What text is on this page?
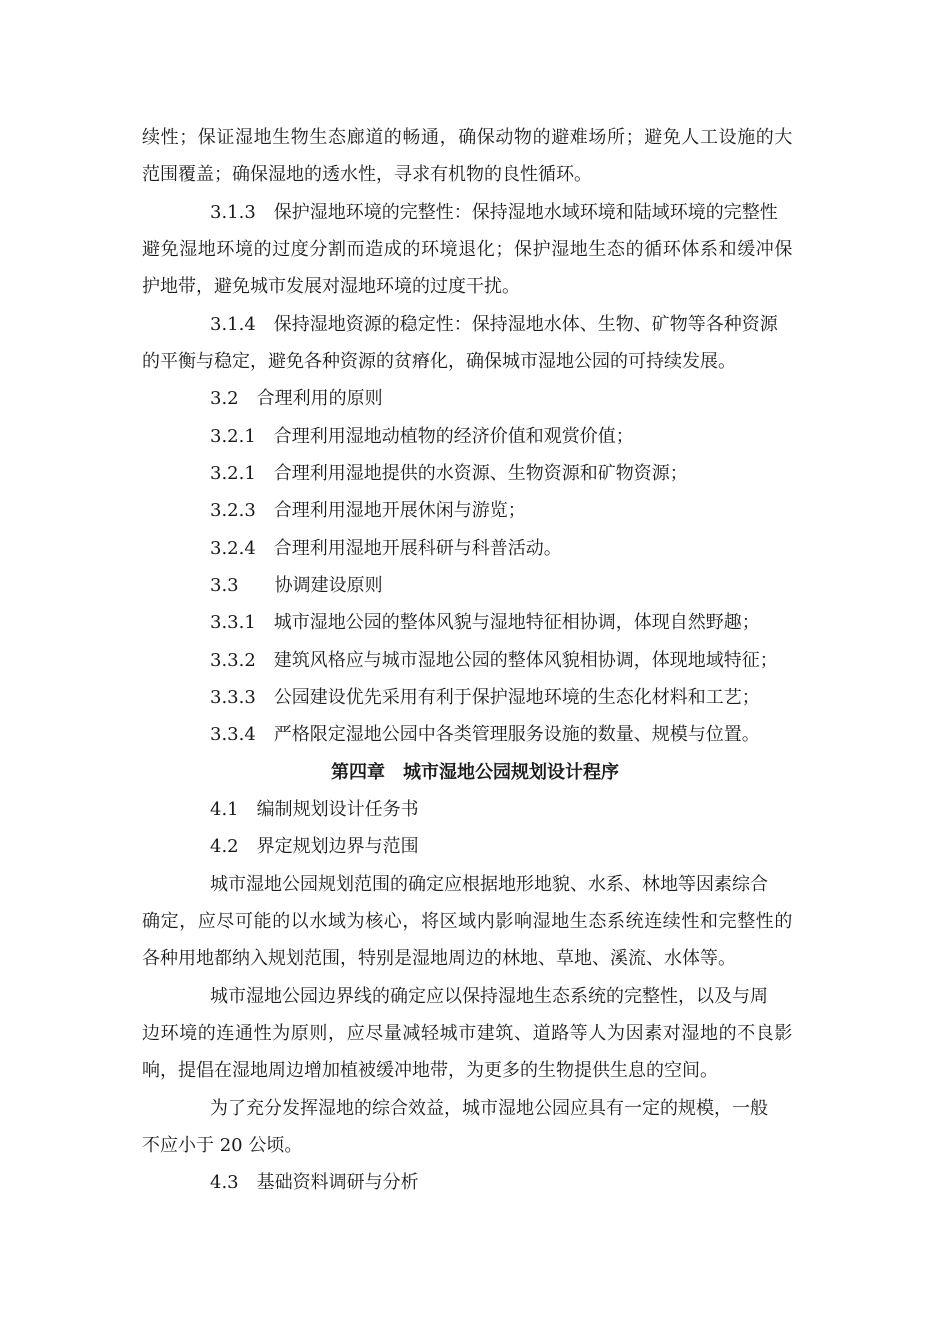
续性；保证湿地生物生态廊道的畅通，确保动物的避难场所；避免人工设施的大
范围覆盖；确保湿地的透水性，寻求有机物的良性循环。
3.1.3　保护湿地环境的完整性：保持湿地水域环境和陆域环境的完整性
避免湿地环境的过度分割而造成的环境退化；保护湿地生态的循环体系和缓冲保
护地带，避免城市发展对湿地环境的过度干扰。
3.1.4　保持湿地资源的稳定性：保持湿地水体、生物、矿物等各种资源
的平衡与稳定，避免各种资源的贫瘠化，确保城市湿地公园的可持续发展。
3.2　合理利用的原则
3.2.1　合理利用湿地动植物的经济价值和观赏价值；
3.2.1　合理利用湿地提供的水资源、生物资源和矿物资源；
3.2.3　合理利用湿地开展休闲与游览；
3.2.4　合理利用湿地开展科研与科普活动。
3.3　　协调建设原则
3.3.1　城市湿地公园的整体风貌与湿地特征相协调，体现自然野趣；
3.3.2　建筑风格应与城市湿地公园的整体风貌相协调，体现地域特征；
3.3.3　公园建设优先采用有利于保护湿地环境的生态化材料和工艺；
3.3.4　严格限定湿地公园中各类管理服务设施的数量、规模与位置。
第四章　城市湿地公园规划设计程序
4.1　编制规划设计任务书
4.2　界定规划边界与范围
城市湿地公园规划范围的确定应根据地形地貌、水系、林地等因素综合
确定，应尽可能的以水域为核心，将区域内影响湿地生态系统连续性和完整性的
各种用地都纳入规划范围，特别是湿地周边的林地、草地、溪流、水体等。
城市湿地公园边界线的确定应以保持湿地生态系统的完整性，以及与周
边环境的连通性为原则，应尽量减轻城市建筑、道路等人为因素对湿地的不良影
响，提倡在湿地周边增加植被缓冲地带，为更多的生物提供生息的空间。
为了充分发挥湿地的综合效益，城市湿地公园应具有一定的规模，一般
不应小于 20 公顷。
4.3　基础资料调研与分析
